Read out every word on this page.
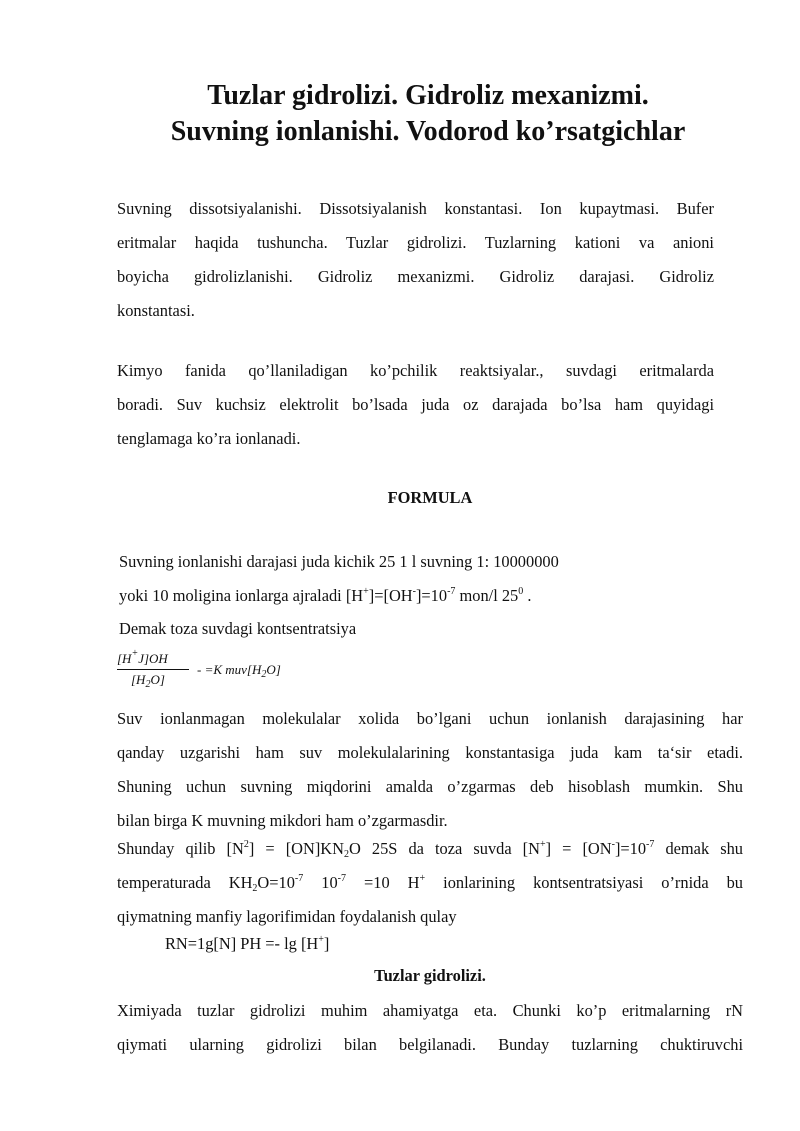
Tuzlar gidrolizi. Gidroliz mexanizmi.
Suvning ionlanishi. Vodorod ko’rsatgichlar
Suvning dissotsiyalanishi. Dissotsiyalanish konstantasi. Ion kupaytmasi. Bufer
eritmalar haqida tushuncha. Tuzlar gidrolizi. Tuzlarning kationi va anioni
boyicha gidrolizlanishi. Gidroliz mexanizmi. Gidroliz darajasi. Gidroliz
konstantasi.
Kimyo fanida qo’llaniladigan ko’pchilik reaktsiyalar., suvdagi eritmalarda
boradi. Suv kuchsiz elektrolit bo’lsada juda oz darajada bo’lsa ham quyidagi
tenglamaga ko’ra ionlanadi.
FORMULA
Suvning ionlanishi darajasi juda kichik 25 1 l suvning 1: 10000000
yoki 10 moligina ionlarga ajraladi $[H^+]=[OH^-]=10^{-7}$ mon/l $25^0$ .
Demak toza suvdagi kontsentratsiya
[H+J]OH
$[H_2O]$
- =K $muv[H_2O]$
Suv ionlanmagan molekulalar xolida bo’lgani uchun ionlanish darajasining har
qanday uzgarishi ham suv molekulalarining konstantasiga juda kam ta‘sir etadi.
Shuning uchun suvning miqdorini amalda o’zgarmas deb hisoblash mumkin. Shu
bilan birga K muvning mikdori ham o’zgarmasdir.
Shunday qilib $[N^2] = [ON]KN_2O$ 25S da toza suvda $[N^+] = [ON^-]=10^{-7}$ demak shu
temperaturada $KH_2O=10^{-7}$ $10^{-7} =10$ H+ ionlarining kontsentratsiyasi o’rnida bu
qiymatning manfiy lagorifimidan foydalanish qulay
RN=1g[N] PH =- lg [H+]
Tuzlar gidrolizi.
Ximiyada tuzlar gidrolizi muhim ahamiyatga eta. Chunki ko’p eritmalarning rN
qiymati ularning gidrolizi bilan belgilanadi. Bunday tuzlarning chuktiruvchi
